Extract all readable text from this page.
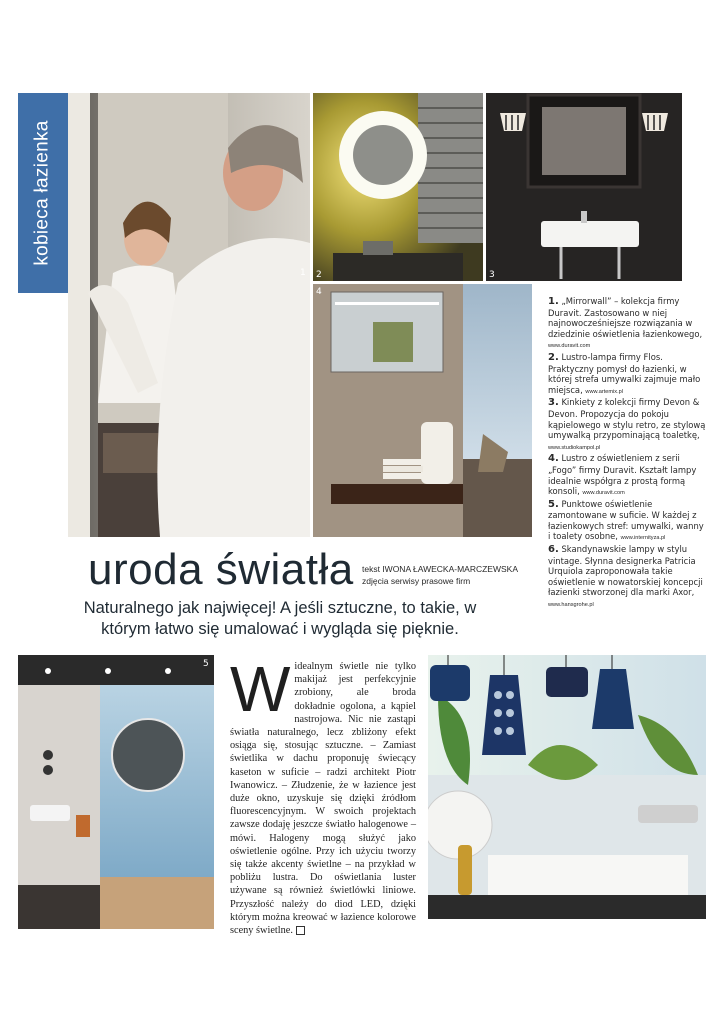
kobieca łazienka
1 2	3
4

1. „Mirrorwall” – kolekcja firmy Duravit. Zastosowano w niej najnowocześniejsze rozwiązania w dziedzinie oświetlenia łazienkowego, www.duravit.com

2. Lustro-lampa firmy Flos. Praktyczny pomysł do łazienki, w której strefa umywalki zajmuje mało miejsca, www.artemix.pl

3. Kinkiety z kolekcji firmy Devon & Devon. Propozycja do pokoju kąpielowego w stylu retro, ze stylową umywalką przypominającą toaletkę, www.studiokampol.pl

4. Lustro z oświetleniem z serii „Fogo” firmy Duravit. Kształt lampy idealnie współgra z prostą formą konsoli, www.duravit.com

5. Punktowe oświetlenie zamontowane w suficie. W każdej z łazienkowych stref: umywalki, wanny i toalety osobne, www.internityza.pl

6. Skandynawskie lampy w stylu vintage. Słynna designerka Patricia Urquiola zaproponowała takie oświetlenie w nowatorskiej koncepcji łazienki stworzonej dla marki Axor, www.hansgrohe.pl

uroda światła tekst IWONA ŁAWECKA-MARCZEWSKA
zdjęcia serwisy prasowe firm

Naturalnego jak najwięcej! A jeśli sztuczne, to takie, w którym łatwo się umalować i wygląda się pięknie.

5 Widealnym świetle nie tylko makijaż jest perfekcyjnie zrobiony, ale broda dokładnie ogolona, a kąpiel nastrojowa. Nic nie zastąpi światła naturalnego, lecz zbliżony efekt osiąga się, stosując sztuczne. – Zamiast świetlika w dachu proponuję świecący kaseton w suficie – radzi architekt Piotr Iwanowicz. – Złudzenie, że w łazience jest duże okno, uzyskuje się dzięki źródłom fluorescencyjnym. W swoich projektach zawsze dodaję jeszcze światło halogenowe – mówi. Halogeny mogą służyć jako oświetlenie ogólne. Przy ich użyciu tworzy się także akcenty świetlne – na przykład w pobliżu lustra. Do oświetlania luster używane są również świetlówki liniowe. Przyszłość należy do diod LED, dzięki którym można kreować w łazience kolorowe sceny świetlne.
